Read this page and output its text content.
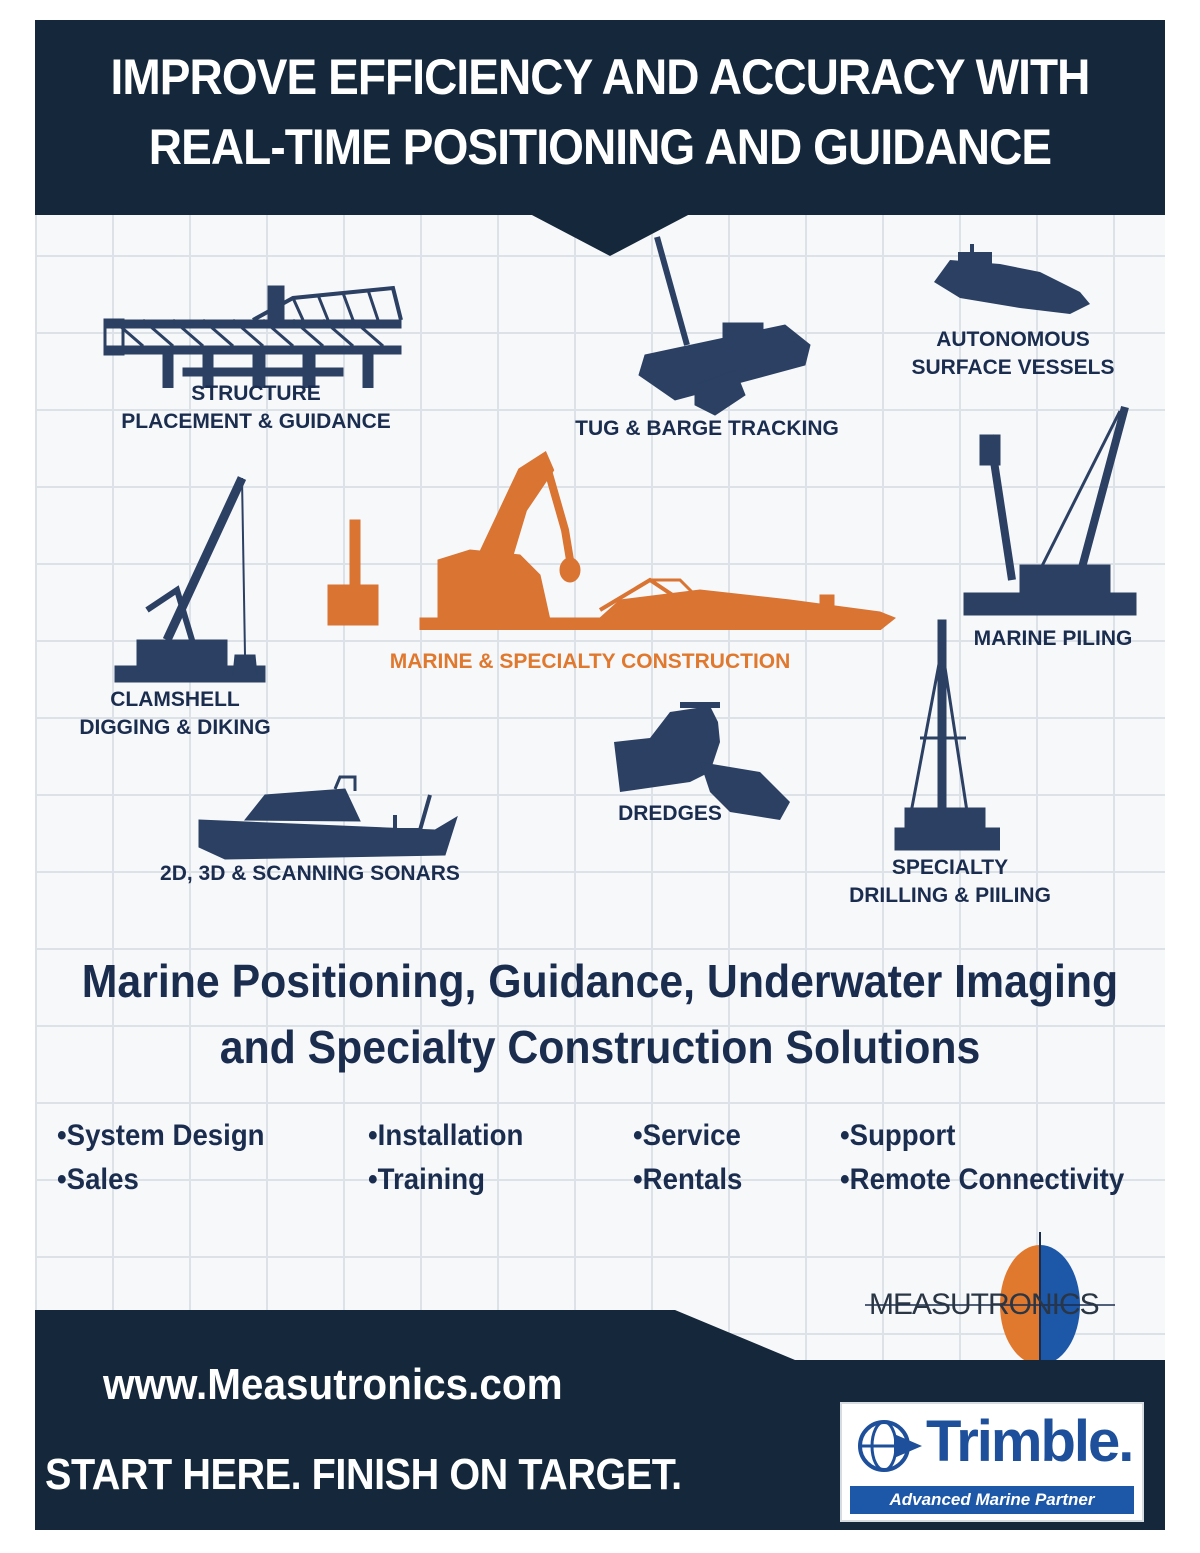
IMPROVE EFFICIENCY AND ACCURACY WITH
REAL-TIME POSITIONING AND GUIDANCE
STRUCTURE
PLACEMENT & GUIDANCE	TUG & BARGE TRACKING
AUTONOMOUS
SURFACE VESSELS
MARINE PILING
MARINE & SPECIALTY CONSTRUCTION
CLAMSHELL
DIGGING & DIKING
DREDGES
2D, 3D & SCANNING SONARS	SPECIALTY
DRILLING & PIILING
Marine Positioning, Guidance, Underwater Imaging
and Specialty Construction Solutions
•System Design
•Sales
•Installation
•Training
•Service
•Rentals
•Support
•Remote Connectivity
MEASUTRONICS
www.Measutronics.com
START HERE. FINISH ON TARGET.
Trimble.
Advanced Marine Partner
